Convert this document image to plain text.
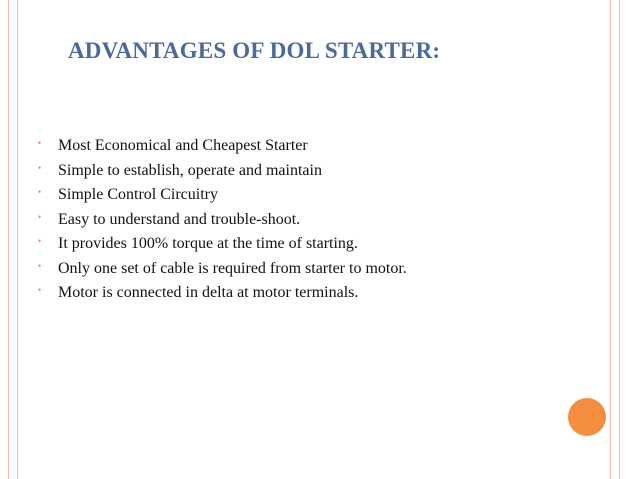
ADVANTAGES OF DOL STARTER:
•	Most Economical and Cheapest Starter
•	Simple to establish, operate and maintain
•	Simple Control Circuitry
•	Easy to understand and trouble-shoot.
•	It provides 100% torque at the time of starting.
•	Only one set of cable is required from starter to motor.
•	Motor is connected in delta at motor terminals.
